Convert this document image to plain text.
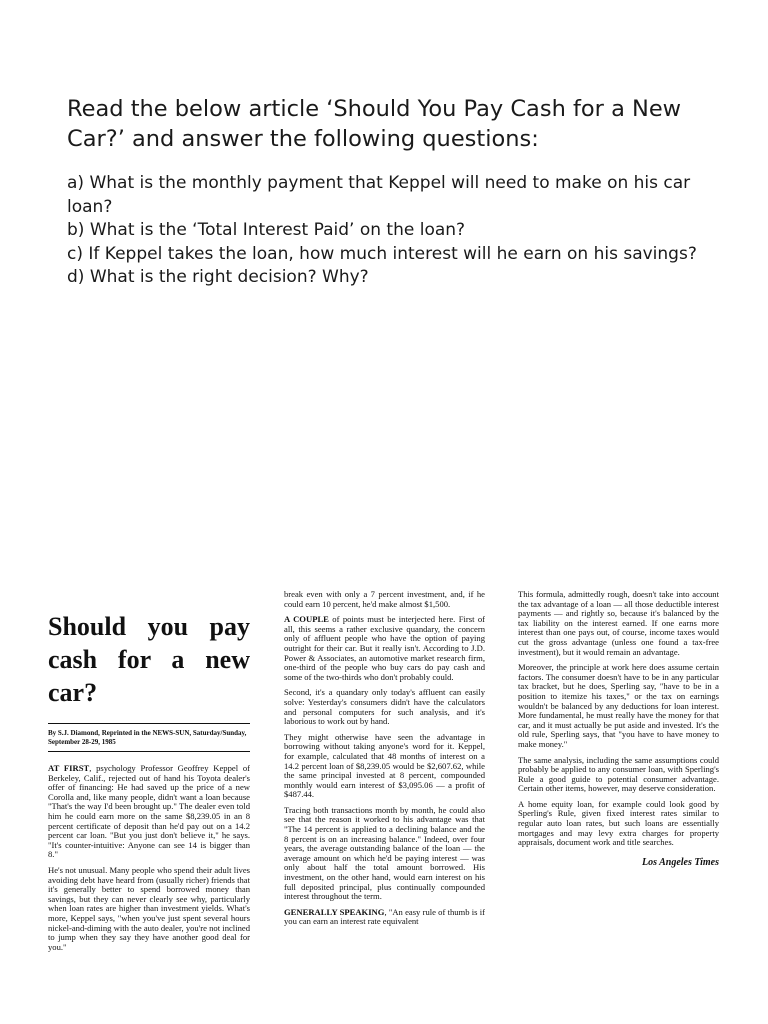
Read the below article ‘Should You Pay Cash for a New Car?’ and answer the following questions:

a) What is the monthly payment that Keppel will need to make on his car loan?

b) What is the ‘Total Interest Paid’ on the loan?

c) If Keppel takes the loan, how much interest will he earn on his savings?

d) What is the right decision? Why?

Should you pay cash for a new car?
By S.J. Diamond, Reprinted in the NEWS-SUN, Saturday/Sunday, September 28-29, 1985

AT FIRST, psychology Professor Geoffrey Keppel of Berkeley, Calif., rejected out of hand his Toyota dealer's offer of financing: He had saved up the price of a new Corolla and, like many people, didn't want a loan because "That's the way I'd been brought up." The dealer even told him he could earn more on the same $8,239.05 in an 8 percent certificate of deposit than he'd pay out on a 14.2 percent car loan. "But you just don't believe it," he says. "It's counter-intuitive: Anyone can see 14 is bigger than 8."

He's not unusual. Many people who spend their adult lives avoiding debt have heard from (usually richer) friends that it's generally better to spend borrowed money than savings, but they can never clearly see why, particularly when loan rates are higher than investment yields. What's more, Keppel says, "when you've just spent several hours nickel-and-diming with the auto dealer, you're not inclined to jump when they say they have another good deal for you."

break even with only a 7 percent investment, and, if he could earn 10 percent, he'd make almost $1,500.

A COUPLE of points must be interjected here. First of all, this seems a rather exclusive quandary, the concern only of affluent people who have the option of paying outright for their car. But it really isn't. According to J.D. Power & Associates, an automotive market research firm, one-third of the people who buy cars do pay cash and some of the two-thirds who don't probably could.

Second, it's a quandary only today's affluent can easily solve: Yesterday's consumers didn't have the calculators and personal computers for such analysis, and it's laborious to work out by hand.

They might otherwise have seen the advantage in borrowing without taking anyone's word for it. Keppel, for example, calculated that 48 months of interest on a 14.2 percent loan of $8,239.05 would be $2,607.62, while the same principal invested at 8 percent, compounded monthly would earn interest of $3,095.06 — a profit of $487.44.

Tracing both transactions month by month, he could also see that the reason it worked to his advantage was that "The 14 percent is applied to a declining balance and the 8 percent is on an increasing balance." Indeed, over four years, the average outstanding balance of the loan — the average amount on which he'd be paying interest — was only about half the total amount borrowed. His investment, on the other hand, would earn interest on his full deposited principal, plus continually compounded interest throughout the term.

GENERALLY SPEAKING, "An easy rule of thumb is if you can earn an interest rate equivalent

This formula, admittedly rough, doesn't take into account the tax advantage of a loan — all those deductible interest payments — and rightly so, because it's balanced by the tax liability on the interest earned. If one earns more interest than one pays out, of course, income taxes would cut the gross advantage (unless one found a tax-free investment), but it would remain an advantage.

Moreover, the principle at work here does assume certain factors. The consumer doesn't have to be in any particular tax bracket, but he does, Sperling say, "have to be in a position to itemize his taxes," or the tax on earnings wouldn't be balanced by any deductions for loan interest. More fundamental, he must really have the money for that car, and it must actually be put aside and invested. It's the old rule, Sperling says, that "you have to have money to make money."

The same analysis, including the same assumptions could probably be applied to any consumer loan, with Sperling's Rule a good guide to potential consumer advantage. Certain other items, however, may deserve consideration.

A home equity loan, for example could look good by Sperling's Rule, given fixed interest rates similar to regular auto loan rates, but such loans are essentially mortgages and may levy extra charges for property appraisals, document work and title searches.

Los Angeles Times
